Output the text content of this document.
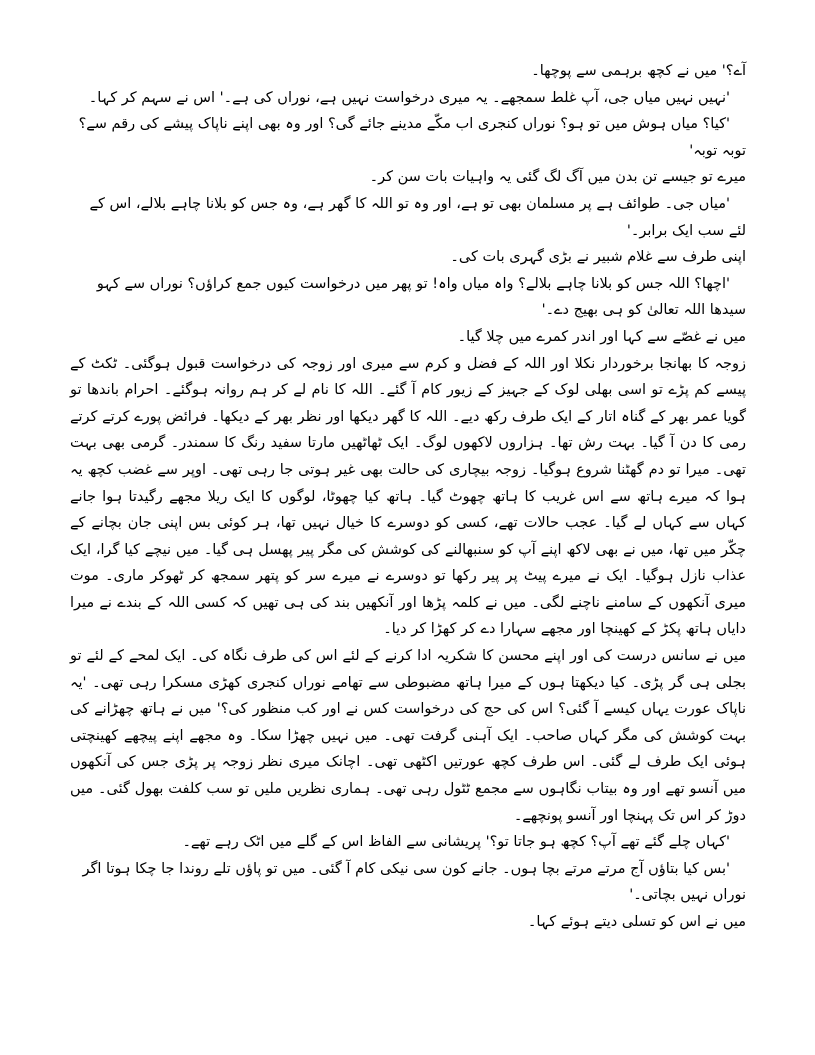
آے؟' میں نے کچھ برہمی سے پوچھا۔

'نہیں نہیں میاں جی، آپ غلط سمجھے۔ یہ میری درخواست نہیں ہے، نوراں کی ہے۔' اس نے سہم کر کہا۔

'کیا؟ میاں ہوش میں تو ہو؟ نوراں کنجری اب مکّے مدینے جائے گی؟ اور وہ بھی اپنے ناپاک پیشے کی رقم سے؟ توبہ توبہ'

میرے تو جیسے تن بدن میں آگ لگ گئی یہ واہیات بات سن کر۔

'میاں جی۔ طوائف ہے پر مسلمان بھی تو ہے، اور وہ تو اللہ کا گھر ہے، وہ جس کو بلانا چاہے بلالے، اس کے لئے سب ایک برابر۔'

اپنی طرف سے غلام شبیر نے بڑی گہری بات کی۔

'اچھا؟ اللہ جس کو بلانا چاہے بلالے؟ واہ میاں واہ! تو پھر میں درخواست کیوں جمع کراؤں؟ نوراں سے کہو سیدھا اللہ تعالیٰ کو ہی بھیج دے۔'

میں نے غصّے سے کہا اور اندر کمرے میں چلا گیا۔

زوجہ کا بھانجا برخوردار نکلا اور اللہ کے فضل و کرم سے میری اور زوجہ کی درخواست قبول ہوگئی۔ ٹکٹ کے پیسے کم پڑے تو اسی بھلی لوک کے جہیز کے زیور کام آ گئے۔ اللہ کا نام لے کر ہم روانہ ہوگئے۔ احرام باندھا تو گویا عمر بھر کے گناہ اتار کے ایک طرف رکھ دیے۔ اللہ کا گھر دیکھا اور نظر بھر کے دیکھا۔ فرائض پورے کرتے کرتے رمی کا دن آ گیا۔ بہت رش تھا۔ ہزاروں لاکھوں لوگ۔ ایک ٹھاٹھیں مارتا سفید رنگ کا سمندر۔ گرمی بھی بہت تھی۔ میرا تو دم گھٹنا شروع ہوگیا۔ زوجہ بیچاری کی حالت بھی غیر ہوتی جا رہی تھی۔ اوپر سے غضب کچھ یہ ہوا کہ میرے ہاتھ سے اس غریب کا ہاتھ چھوٹ گیا۔ ہاتھ کیا چھوٹا، لوگوں کا ایک ریلا مجھے رگیدتا ہوا جانے کہاں سے کہاں لے گیا۔ عجب حالات تھے، کسی کو دوسرے کا خیال نہیں تھا، ہر کوئی بس اپنی جان بچانے کے چکّر میں تھا، میں نے بھی لاکھ اپنے آپ کو سنبھالنے کی کوشش کی مگر پیر پھسل ہی گیا۔ میں نیچے کیا گرا، ایک عذاب نازل ہوگیا۔ ایک نے میرے پیٹ پر پیر رکھا تو دوسرے نے میرے سر کو پتھر سمجھ کر ٹھوکر ماری۔ موت میری آنکھوں کے سامنے ناچنے لگی۔ میں نے کلمہ پڑھا اور آنکھیں بند کی ہی تھیں کہ کسی اللہ کے بندے نے میرا دایاں ہاتھ پکڑ کے کھینچا اور مجھے سہارا دے کر کھڑا کر دیا۔

میں نے سانس درست کی اور اپنے محسن کا شکریہ ادا کرنے کے لئے اس کی طرف نگاہ کی۔ ایک لمحے کے لئے تو بجلی ہی گر پڑی۔ کیا دیکھتا ہوں کے میرا ہاتھ مضبوطی سے تھامے نوراں کنجری کھڑی مسکرا رہی تھی۔ 'یہ ناپاک عورت یہاں کیسے آ گئی؟ اس کی حج کی درخواست کس نے اور کب منظور کی؟' میں نے ہاتھ چھڑانے کی بہت کوشش کی مگر کہاں صاحب۔ ایک آہنی گرفت تھی۔ میں نہیں چھڑا سکا۔ وہ مجھے اپنے پیچھے کھینچتی ہوئی ایک طرف لے گئی۔ اس طرف کچھ عورتیں اکٹھی تھی۔ اچانک میری نظر زوجہ پر پڑی جس کی آنکھوں میں آنسو تھے اور وہ بیتاب نگاہوں سے مجمع ٹٹول رہی تھی۔ ہماری نظریں ملیں تو سب کلفت بھول گئی۔ میں دوڑ کر اس تک پہنچا اور آنسو پونچھے۔

'کہاں چلے گئے تھے آپ؟ کچھ ہو جاتا تو؟' پریشانی سے الفاظ اس کے گلے میں اٹک رہے تھے۔

'بس کیا بتاؤں آج مرتے مرتے بچا ہوں۔ جانے کون سی نیکی کام آ گئی۔ میں تو پاؤں تلے روندا جا چکا ہوتا اگر نوراں نہیں بچاتی۔'

میں نے اس کو تسلی دیتے ہوئے کہا۔
